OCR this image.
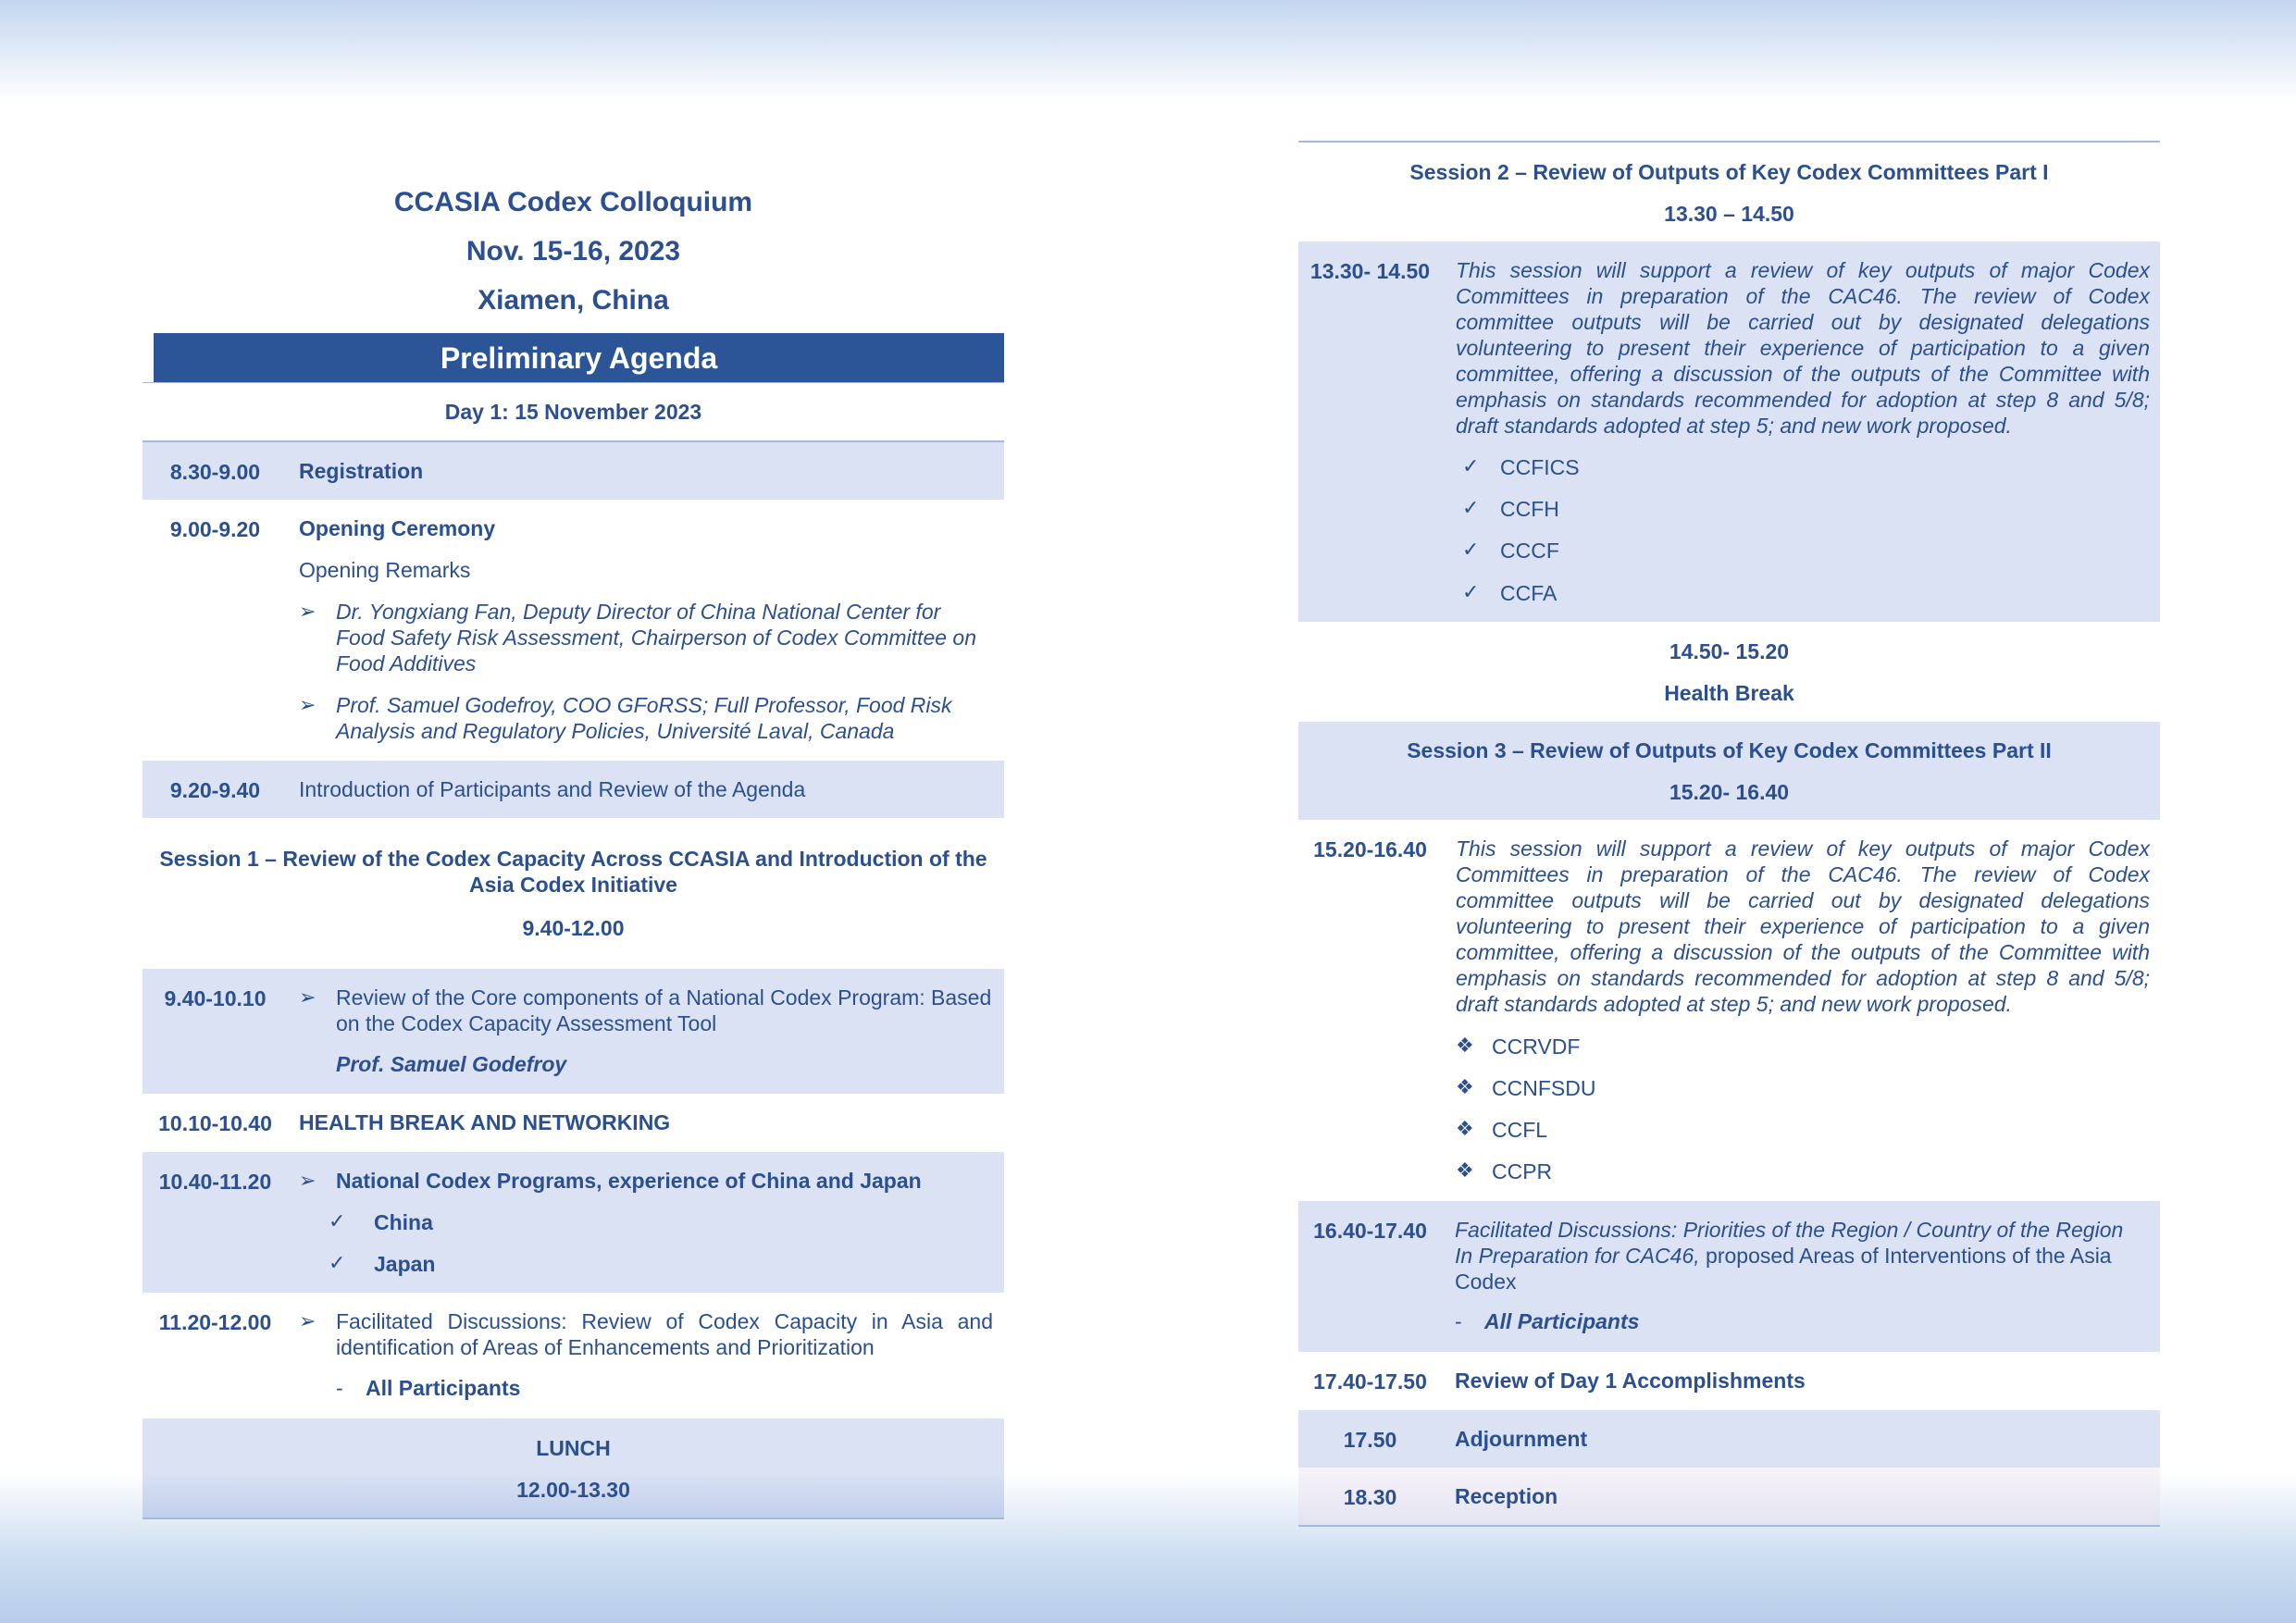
CCASIA Codex Colloquium
Nov. 15-16, 2023
Xiamen, China
Preliminary Agenda
Day 1: 15 November 2023
8.30-9.00	Registration
9.00-9.20	Opening Ceremony
Opening Remarks
➢ Dr. Yongxiang Fan, Deputy Director of China National Center for Food Safety Risk Assessment, Chairperson of Codex Committee on Food Additives
➢ Prof. Samuel Godefroy, COO GFoRSS; Full Professor, Food Risk Analysis and Regulatory Policies, Université Laval, Canada
9.20-9.40	Introduction of Participants and Review of the Agenda
Session 1 – Review of the Codex Capacity Across CCASIA and Introduction of the Asia Codex Initiative
9.40-12.00
9.40-10.10	➢ Review of the Core components of a National Codex Program: Based on the Codex Capacity Assessment Tool
Prof. Samuel Godefroy
10.10-10.40	HEALTH BREAK AND NETWORKING
10.40-11.20	➢ National Codex Programs, experience of China and Japan
✓ China
✓ Japan
11.20-12.00	➢ Facilitated Discussions: Review of Codex Capacity in Asia and identification of Areas of Enhancements and Prioritization
- All Participants
LUNCH
12.00-13.30
Session 2 – Review of Outputs of Key Codex Committees Part I
13.30 – 14.50
13.30- 14.50	This session will support a review of key outputs of major Codex Committees in preparation of the CAC46. The review of Codex committee outputs will be carried out by designated delegations volunteering to present their experience of participation to a given committee, offering a discussion of the outputs of the Committee with emphasis on standards recommended for adoption at step 8 and 5/8; draft standards adopted at step 5; and new work proposed.
✓ CCFICS
✓ CCFH
✓ CCCF
✓ CCFA
14.50- 15.20
Health Break
Session 3 – Review of Outputs of Key Codex Committees Part II
15.20- 16.40
15.20-16.40	This session will support a review of key outputs of major Codex Committees in preparation of the CAC46. The review of Codex committee outputs will be carried out by designated delegations volunteering to present their experience of participation to a given committee, offering a discussion of the outputs of the Committee with emphasis on standards recommended for adoption at step 8 and 5/8; draft standards adopted at step 5; and new work proposed.
❖ CCRVDF
❖ CCNFSDU
❖ CCFL
❖ CCPR
16.40-17.40	Facilitated Discussions: Priorities of the Region / Country of the Region In Preparation for CAC46, proposed Areas of Interventions of the Asia Codex
- All Participants
17.40-17.50	Review of Day 1 Accomplishments
17.50	Adjournment
18.30	Reception
